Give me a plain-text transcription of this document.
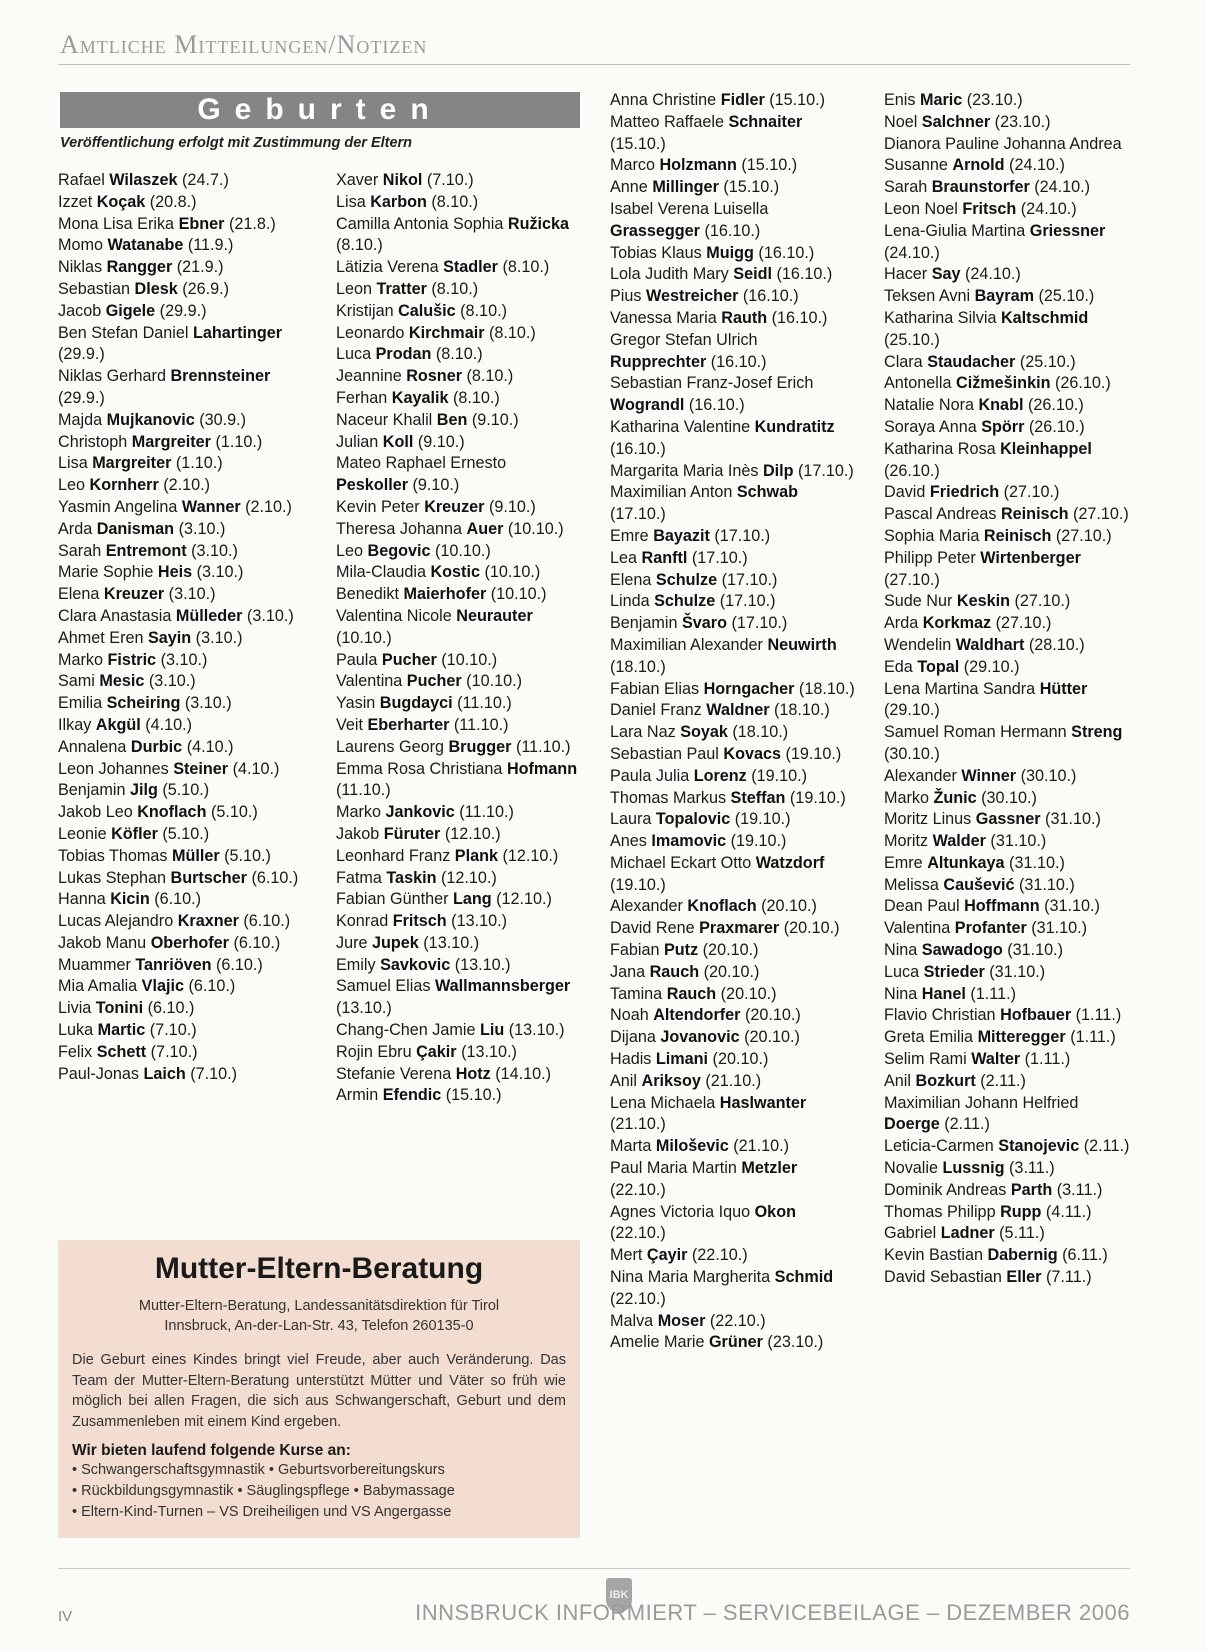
Amtliche Mitteilungen/Notizen
Geburten
Veröffentlichung erfolgt mit Zustimmung der Eltern
Rafael Wilaszek (24.7.)
Izzet Koçak (20.8.)
Mona Lisa Erika Ebner (21.8.)
Momo Watanabe (11.9.)
Niklas Rangger (21.9.)
Sebastian Dlesk (26.9.)
Jacob Gigele (29.9.)
Ben Stefan Daniel Lahartinger (29.9.)
Niklas Gerhard Brennsteiner (29.9.)
Majda Mujkanovic (30.9.)
Christoph Margreiter (1.10.)
Lisa Margreiter (1.10.)
Leo Kornherr (2.10.)
Yasmin Angelina Wanner (2.10.)
Arda Danisman (3.10.)
Sarah Entremont (3.10.)
Marie Sophie Heis (3.10.)
Elena Kreuzer (3.10.)
Clara Anastasia Mülleder (3.10.)
Ahmet Eren Sayin (3.10.)
Marko Fistric (3.10.)
Sami Mesic (3.10.)
Emilia Scheiring (3.10.)
Ilkay Akgül (4.10.)
Annalena Durbic (4.10.)
Leon Johannes Steiner (4.10.)
Benjamin Jilg (5.10.)
Jakob Leo Knoflach (5.10.)
Leonie Köfler (5.10.)
Tobias Thomas Müller (5.10.)
Lukas Stephan Burtscher (6.10.)
Hanna Kicin (6.10.)
Lucas Alejandro Kraxner (6.10.)
Jakob Manu Oberhofer (6.10.)
Muammer Tanriöven (6.10.)
Mia Amalia Vlajic (6.10.)
Livia Tonini (6.10.)
Luka Martic (7.10.)
Felix Schett (7.10.)
Paul-Jonas Laich (7.10.)
Xaver Nikol (7.10.)
Lisa Karbon (8.10.)
Camilla Antonia Sophia Ružicka (8.10.)
Lätizia Verena Stadler (8.10.)
Leon Tratter (8.10.)
Kristijan Calušic (8.10.)
Leonardo Kirchmair (8.10.)
Luca Prodan (8.10.)
Jeannine Rosner (8.10.)
Ferhan Kayalik (8.10.)
Naceur Khalil Ben (9.10.)
Julian Koll (9.10.)
Mateo Raphael Ernesto Peskoller (9.10.)
Kevin Peter Kreuzer (9.10.)
Theresa Johanna Auer (10.10.)
Leo Begovic (10.10.)
Mila-Claudia Kostic (10.10.)
Benedikt Maierhofer (10.10.)
Valentina Nicole Neurauter (10.10.)
Paula Pucher (10.10.)
Valentina Pucher (10.10.)
Yasin Bugdayci (11.10.)
Veit Eberharter (11.10.)
Laurens Georg Brugger (11.10.)
Emma Rosa Christiana Hofmann (11.10.)
Marko Jankovic (11.10.)
Jakob Füruter (12.10.)
Leonhard Franz Plank (12.10.)
Fatma Taskin (12.10.)
Fabian Günther Lang (12.10.)
Konrad Fritsch (13.10.)
Jure Jupek (13.10.)
Emily Savkovic (13.10.)
Samuel Elias Wallmannsberger (13.10.)
Chang-Chen Jamie Liu (13.10.)
Rojin Ebru Çakir (13.10.)
Stefanie Verena Hotz (14.10.)
Armin Efendic (15.10.)
Anna Christine Fidler (15.10.)
Matteo Raffaele Schnaiter (15.10.)
Marco Holzmann (15.10.)
Anne Millinger (15.10.)
Isabel Verena Luisella Grassegger (16.10.)
Tobias Klaus Muigg (16.10.)
Lola Judith Mary Seidl (16.10.)
Pius Westreicher (16.10.)
Vanessa Maria Rauth (16.10.)
Gregor Stefan Ulrich Rupprechter (16.10.)
Sebastian Franz-Josef Erich Wograndl (16.10.)
Katharina Valentine Kundratitz (16.10.)
Margarita Maria Inès Dilp (17.10.)
Maximilian Anton Schwab (17.10.)
Emre Bayazit (17.10.)
Lea Ranftl (17.10.)
Elena Schulze (17.10.)
Linda Schulze (17.10.)
Benjamin Švaro (17.10.)
Maximilian Alexander Neuwirth (18.10.)
Fabian Elias Horngacher (18.10.)
Daniel Franz Waldner (18.10.)
Lara Naz Soyak (18.10.)
Sebastian Paul Kovacs (19.10.)
Paula Julia Lorenz (19.10.)
Thomas Markus Steffan (19.10.)
Laura Topalovic (19.10.)
Anes Imamovic (19.10.)
Michael Eckart Otto Watzdorf (19.10.)
Alexander Knoflach (20.10.)
David Rene Praxmarer (20.10.)
Fabian Putz (20.10.)
Jana Rauch (20.10.)
Tamina Rauch (20.10.)
Noah Altendorfer (20.10.)
Dijana Jovanovic (20.10.)
Hadis Limani (20.10.)
Anil Ariksoy (21.10.)
Lena Michaela Haslwanter (21.10.)
Marta Miloševic (21.10.)
Paul Maria Martin Metzler (22.10.)
Agnes Victoria Iquo Okon (22.10.)
Mert Çayir (22.10.)
Nina Maria Margherita Schmid (22.10.)
Malva Moser (22.10.)
Amelie Marie Grüner (23.10.)
Enis Maric (23.10.)
Noel Salchner (23.10.)
Dianora Pauline Johanna Andrea Susanne Arnold (24.10.)
Sarah Braunstorfer (24.10.)
Leon Noel Fritsch (24.10.)
Lena-Giulia Martina Griessner (24.10.)
Hacer Say (24.10.)
Teksen Avni Bayram (25.10.)
Katharina Silvia Kaltschmid (25.10.)
Clara Staudacher (25.10.)
Antonella Cižmešinkin (26.10.)
Natalie Nora Knabl (26.10.)
Soraya Anna Spörr (26.10.)
Katharina Rosa Kleinhappel (26.10.)
David Friedrich (27.10.)
Pascal Andreas Reinisch (27.10.)
Sophia Maria Reinisch (27.10.)
Philipp Peter Wirtenberger (27.10.)
Sude Nur Keskin (27.10.)
Arda Korkmaz (27.10.)
Wendelin Waldhart (28.10.)
Eda Topal (29.10.)
Lena Martina Sandra Hütter (29.10.)
Samuel Roman Hermann Streng (30.10.)
Alexander Winner (30.10.)
Marko Žunic (30.10.)
Moritz Linus Gassner (31.10.)
Moritz Walder (31.10.)
Emre Altunkaya (31.10.)
Melissa Caušević (31.10.)
Dean Paul Hoffmann (31.10.)
Valentina Profanter (31.10.)
Nina Sawadogo (31.10.)
Luca Strieder (31.10.)
Nina Hanel (1.11.)
Flavio Christian Hofbauer (1.11.)
Greta Emilia Mitteregger (1.11.)
Selim Rami Walter (1.11.)
Anil Bozkurt (2.11.)
Maximilian Johann Helfried Doerge (2.11.)
Leticia-Carmen Stanojevic (2.11.)
Novalie Lussnig (3.11.)
Dominik Andreas Parth (3.11.)
Thomas Philipp Rupp (4.11.)
Gabriel Ladner (5.11.)
Kevin Bastian Dabernig (6.11.)
David Sebastian Eller (7.11.)
Mutter-Eltern-Beratung
Mutter-Eltern-Beratung, Landessanitätsdirektion für Tirol
Innsbruck, An-der-Lan-Str. 43, Telefon 260135-0
Die Geburt eines Kindes bringt viel Freude, aber auch Veränderung. Das Team der Mutter-Eltern-Beratung unterstützt Mütter und Väter so früh wie möglich bei allen Fragen, die sich aus Schwangerschaft, Geburt und dem Zusammenleben mit einem Kind ergeben.
Wir bieten laufend folgende Kurse an:
• Schwangerschaftsgymnastik • Geburtsvorbereitungskurs
• Rückbildungsgymnastik • Säuglingspflege • Babymassage
• Eltern-Kind-Turnen – VS Dreiheiligen und VS Angergasse
IV
IBK
INNSBRUCK INFORMIERT – SERVICEBEILAGE – DEZEMBER 2006
